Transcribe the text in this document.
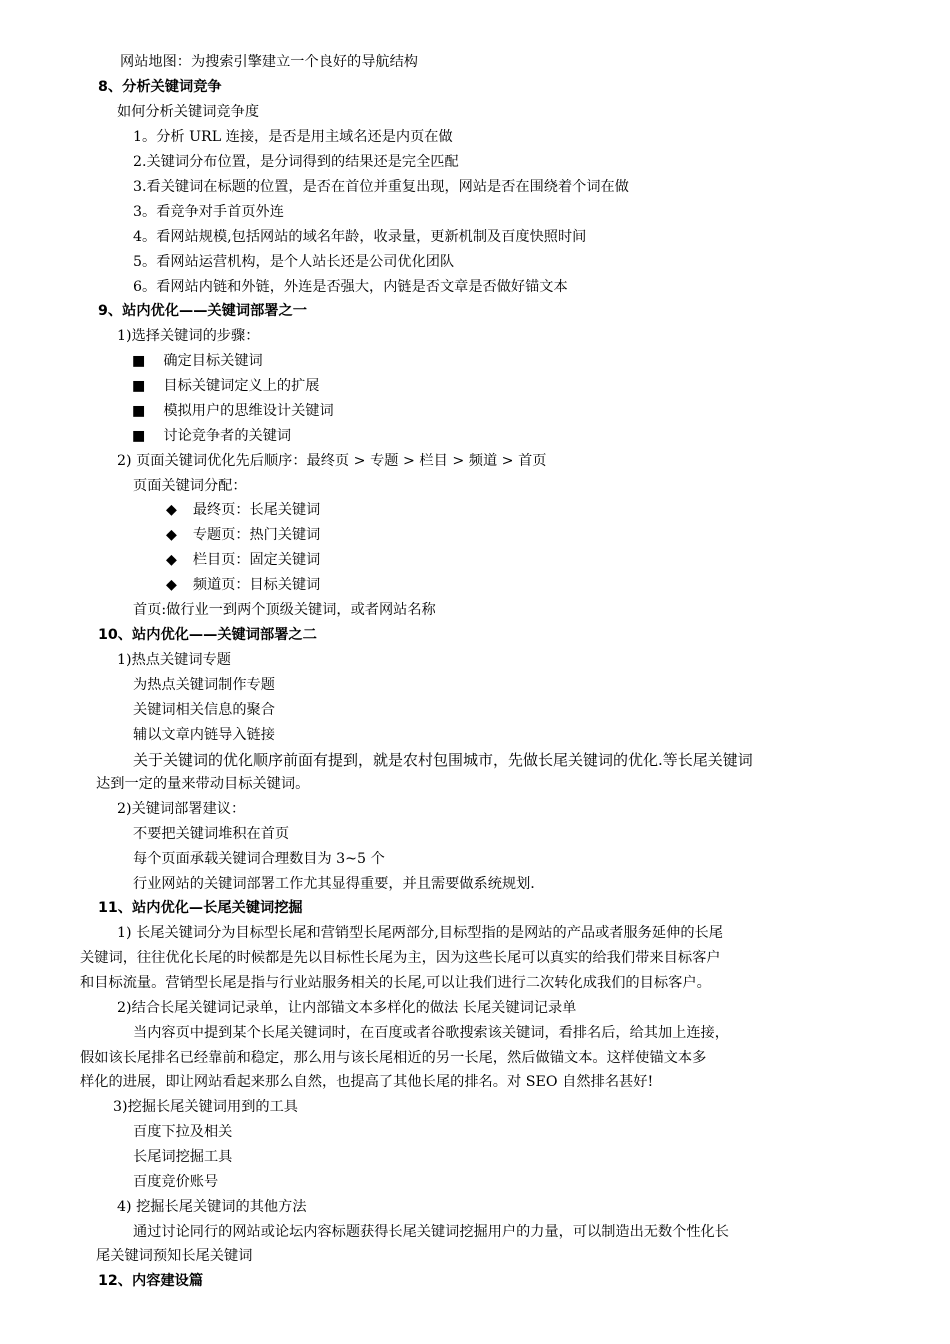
网站地图：为搜索引擎建立一个良好的导航结构
8、分析关键词竞争
如何分析关键词竞争度
1。分析 URL 连接，是否是用主域名还是内页在做
2.关键词分布位置，是分词得到的结果还是完全匹配
3.看关键词在标题的位置，是否在首位并重复出现，网站是否在围绕着个词在做
3。看竞争对手首页外连
4。看网站规模,包括网站的域名年龄，收录量，更新机制及百度快照时间
5。看网站运营机构，是个人站长还是公司优化团队
6。看网站内链和外链，外连是否强大，内链是否文章是否做好锚文本
9、站内优化——关键词部署之一
1)选择关键词的步骤：
■ 确定目标关键词
■ 目标关键词定义上的扩展
■ 模拟用户的思维设计关键词
■ 讨论竞争者的关键词
2) 页面关键词优化先后顺序：最终页 > 专题 > 栏目 > 频道 > 首页
页面关键词分配：
◆ 最终页：长尾关键词
◆ 专题页：热门关键词
◆ 栏目页：固定关键词
◆ 频道页：目标关键词
首页:做行业一到两个顶级关键词，或者网站名称
10、站内优化——关键词部署之二
1)热点关键词专题
为热点关键词制作专题
关键词相关信息的聚合
辅以文章内链导入链接
关于关键词的优化顺序前面有提到，就是农村包围城市，先做长尾关键词的优化.等长尾关键词
达到一定的量来带动目标关键词。
2)关键词部署建议：
不要把关键词堆积在首页
每个页面承载关键词合理数目为 3~5 个
行业网站的关键词部署工作尤其显得重要，并且需要做系统规划.
11、站内优化—长尾关键词挖掘
1) 长尾关键词分为目标型长尾和营销型长尾两部分,目标型指的是网站的产品或者服务延伸的长尾
关键词，往往优化长尾的时候都是先以目标性长尾为主，因为这些长尾可以真实的给我们带来目标客户
和目标流量。营销型长尾是指与行业站服务相关的长尾,可以让我们进行二次转化成我们的目标客户。
2)结合长尾关键词记录单，让内部锚文本多样化的做法 长尾关键词记录单
当内容页中提到某个长尾关键词时，在百度或者谷歌搜索该关键词，看排名后，给其加上连接，
假如该长尾排名已经靠前和稳定，那么用与该长尾相近的另一长尾，然后做锚文本。这样使锚文本多
样化的进展，即让网站看起来那么自然，也提高了其他长尾的排名。对 SEO 自然排名甚好!
3)挖掘长尾关键词用到的工具
百度下拉及相关
长尾词挖掘工具
百度竞价账号
4) 挖掘长尾关键词的其他方法
通过讨论同行的网站或论坛内容标题获得长尾关键词挖掘用户的力量，可以制造出无数个性化长
尾关键词预知长尾关键词
12、内容建设篇
